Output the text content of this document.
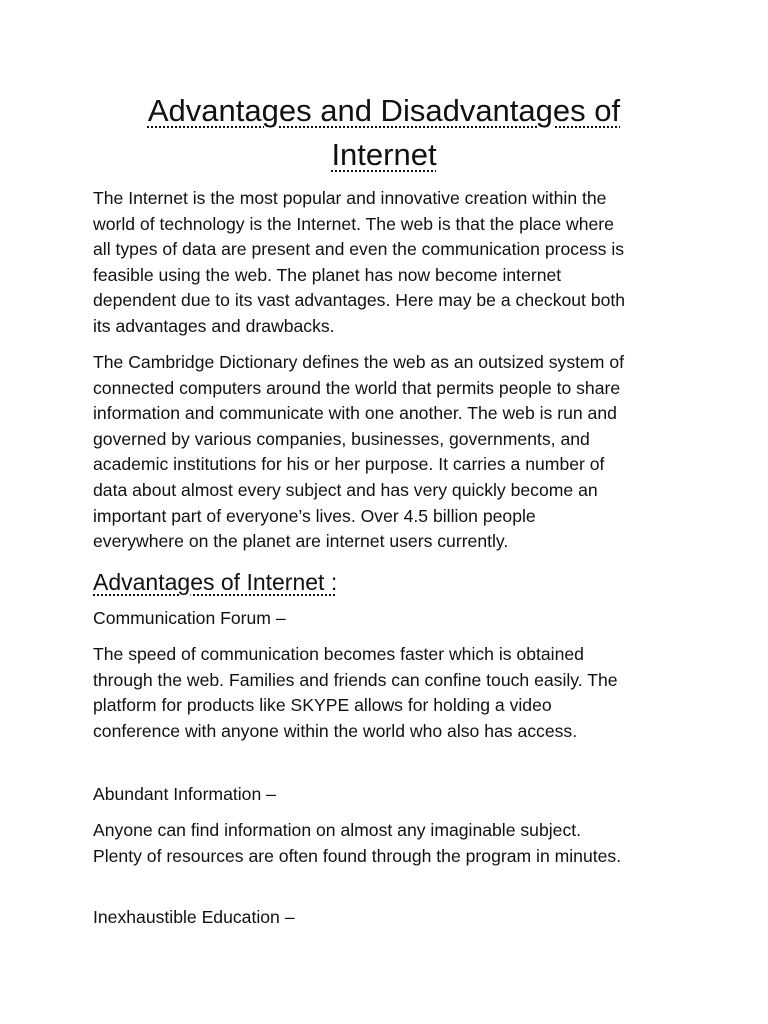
Advantages and Disadvantages of
Internet

The Internet is the most popular and innovative creation within the
world of technology is the Internet. The web is that the place where
all types of data are present and even the communication process is
feasible using the web. The planet has now become internet
dependent due to its vast advantages. Here may be a checkout both
its advantages and drawbacks.

The Cambridge Dictionary defines the web as an outsized system of
connected computers around the world that permits people to share
information and communicate with one another. The web is run and
governed by various companies, businesses, governments, and
academic institutions for his or her purpose. It carries a number of
data about almost every subject and has very quickly become an
important part of everyone’s lives. Over 4.5 billion people
everywhere on the planet are internet users currently.

Advantages of Internet :

Communication Forum –

The speed of communication becomes faster which is obtained
through the web. Families and friends can confine touch easily. The
platform for products like SKYPE allows for holding a video
conference with anyone within the world who also has access.

Abundant Information –

Anyone can find information on almost any imaginable subject.
Plenty of resources are often found through the program in minutes.

Inexhaustible Education –
